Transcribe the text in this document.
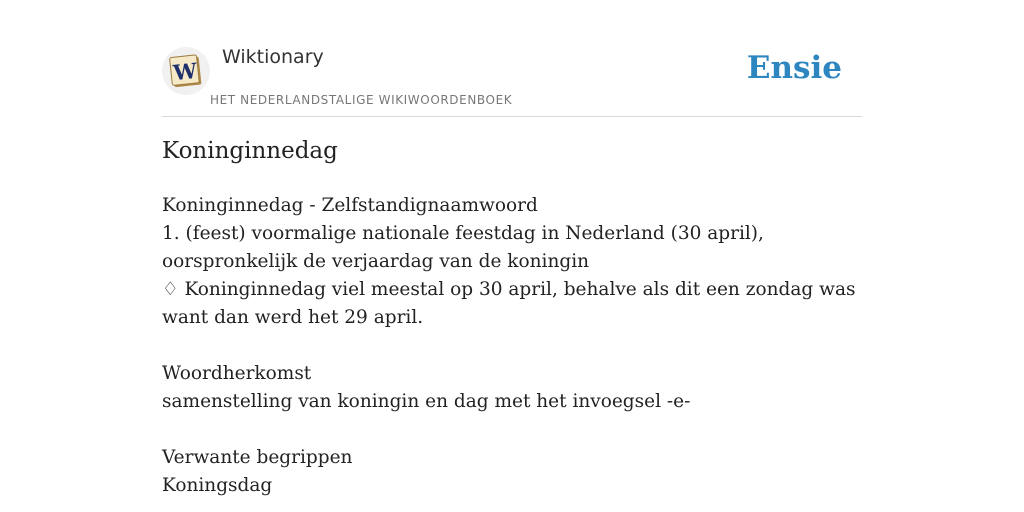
W
Wiktionary
HET NEDERLANDSTALIGE WIKIWOORDENBOEK
Ensie
Koninginnedag
Koninginnedag - Zelfstandignaamwoord
1. (feest) voormalige nationale feestdag in Nederland (30 april), oorspronkelijk de verjaardag van de koningin
♢ Koninginnedag viel meestal op 30 april, behalve als dit een zondag was want dan werd het 29 april.
Woordherkomst
samenstelling van koningin en dag met het invoegsel -e-
Verwante begrippen
Koningsdag
